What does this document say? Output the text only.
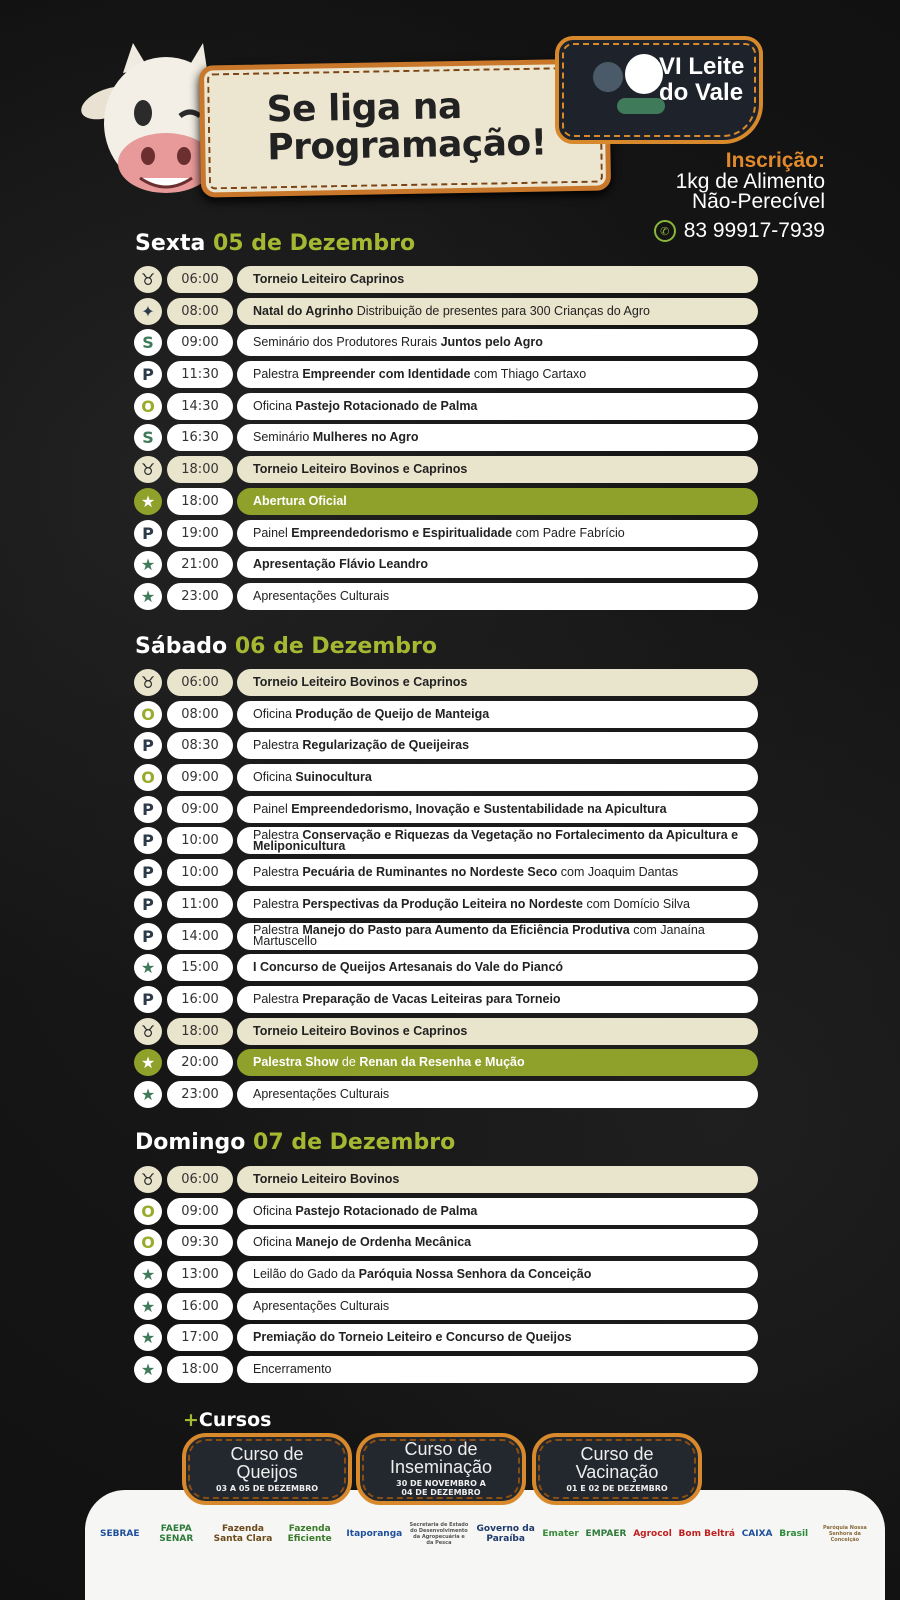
Se liga na
Programação!
VI Leite do Vale
Inscrição:
1kg de Alimento
Não-Perecível
✆ 83 99917-7939
Sexta 05 de Dezembro
♉	06:00	Torneio Leiteiro Caprinos
✦	08:00	Natal do Agrinho Distribuição de presentes para 300 Crianças do Agro
S	09:00	Seminário dos Produtores Rurais Juntos pelo Agro
P	11:30	Palestra Empreender com Identidade com Thiago Cartaxo
O	14:30	Oficina Pastejo Rotacionado de Palma
S	16:30	Seminário Mulheres no Agro
♉	18:00	Torneio Leiteiro Bovinos e Caprinos
★	18:00	Abertura Oficial
P	19:00	Painel Empreendedorismo e Espiritualidade com Padre Fabrício
★	21:00	Apresentação Flávio Leandro
★	23:00	Apresentações Culturais
Sábado 06 de Dezembro
♉	06:00	Torneio Leiteiro Bovinos e Caprinos
O	08:00	Oficina Produção de Queijo de Manteiga
P	08:30	Palestra Regularização de Queijeiras
O	09:00	Oficina Suinocultura
P	09:00	Painel Empreendedorismo, Inovação e Sustentabilidade na Apicultura
P	10:00	Palestra Conservação e Riquezas da Vegetação no Fortalecimento da Apicultura e Meliponicultura
P	10:00	Palestra Pecuária de Ruminantes no Nordeste Seco com Joaquim Dantas
P	11:00	Palestra Perspectivas da Produção Leiteira no Nordeste com Domício Silva
P	14:00	Palestra Manejo do Pasto para Aumento da Eficiência Produtiva com Janaína Martuscello
★	15:00	I Concurso de Queijos Artesanais do Vale do Piancó
P	16:00	Palestra Preparação de Vacas Leiteiras para Torneio
♉	18:00	Torneio Leiteiro Bovinos e Caprinos
★	20:00	Palestra Show de Renan da Resenha e Mução
★	23:00	Apresentações Culturais
Domingo 07 de Dezembro
♉	06:00	Torneio Leiteiro Bovinos
O	09:00	Oficina Pastejo Rotacionado de Palma
O	09:30	Oficina Manejo de Ordenha Mecânica
★	13:00	Leilão do Gado da Paróquia Nossa Senhora da Conceição
★	16:00	Apresentações Culturais
★	17:00	Premiação do Torneio Leiteiro e Concurso de Queijos
★	18:00	Encerramento
+Cursos
SEBRAE	FAEPA SENAR
Fazenda Santa Clara
Fazenda Eficiente	Itaporanga
Secretaria de Estado do Desenvolvimento da Agropecuária e da Pesca
Governo da Paraíba	Emater EMPAER Agrocol Bom Beltrá CAIXA Brasil
Paróquia Nossa Senhora da Conceição
Curso de
Queijos
03 A 05 DE DEZEMBRO
Curso de
Inseminação
30 DE NOVEMBRO A 04 DE DEZEMBRO
Curso de
Vacinação
01 E 02 DE DEZEMBRO
